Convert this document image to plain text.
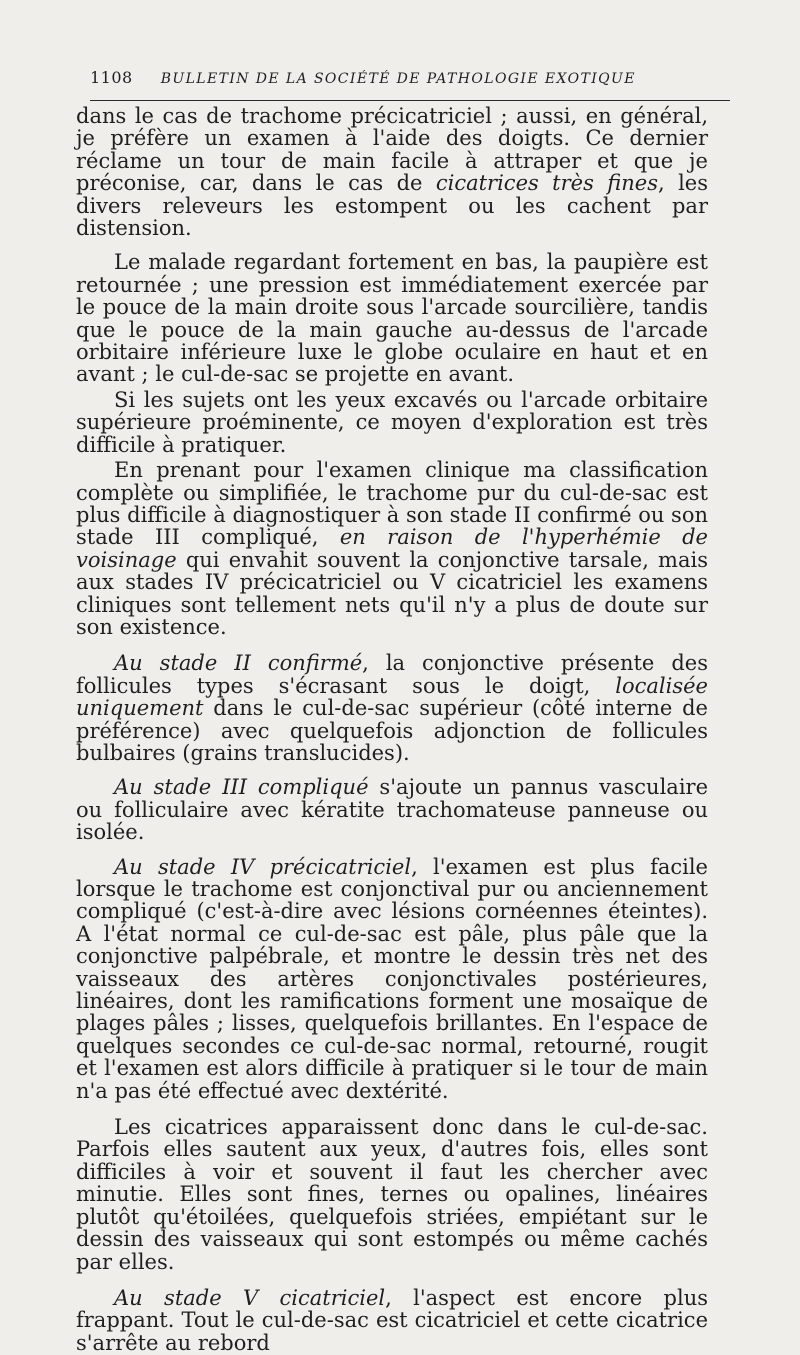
1108 BULLETIN DE LA SOCIÉTÉ DE PATHOLOGIE EXOTIQUE

dans le cas de trachome précicatriciel ; aussi, en général, je préfère un examen à l'aide des doigts. Ce dernier réclame un tour de main facile à attraper et que je préconise, car, dans le cas de cicatrices très fines, les divers releveurs les estompent ou les cachent par distension.

Le malade regardant fortement en bas, la paupière est retournée ; une pression est immédiatement exercée par le pouce de la main droite sous l'arcade sourcilière, tandis que le pouce de la main gauche au-dessus de l'arcade orbitaire inférieure luxe le globe oculaire en haut et en avant ; le cul-de-sac se projette en avant.

Si les sujets ont les yeux excavés ou l'arcade orbitaire supérieure proéminente, ce moyen d'exploration est très difficile à pratiquer.

En prenant pour l'examen clinique ma classification complète ou simplifiée, le trachome pur du cul-de-sac est plus difficile à diagnostiquer à son stade II confirmé ou son stade III compliqué, en raison de l'hyperhémie de voisinage qui envahit souvent la conjonctive tarsale, mais aux stades IV précicatriciel ou V cicatriciel les examens cliniques sont tellement nets qu'il n'y a plus de doute sur son existence.

Au stade II confirmé, la conjonctive présente des follicules types s'écrasant sous le doigt, localisée uniquement dans le cul-de-sac supérieur (côté interne de préférence) avec quelquefois adjonction de follicules bulbaires (grains translucides).

Au stade III compliqué s'ajoute un pannus vasculaire ou folliculaire avec kératite trachomateuse panneuse ou isolée.

Au stade IV précicatriciel, l'examen est plus facile lorsque le trachome est conjonctival pur ou anciennement compliqué (c'est-à-dire avec lésions cornéennes éteintes). A l'état normal ce cul-de-sac est pâle, plus pâle que la conjonctive palpébrale, et montre le dessin très net des vaisseaux des artères conjonctivales postérieures, linéaires, dont les ramifications forment une mosaïque de plages pâles ; lisses, quelquefois brillantes. En l'espace de quelques secondes ce cul-de-sac normal, retourné, rougit et l'examen est alors difficile à pratiquer si le tour de main n'a pas été effectué avec dextérité.

Les cicatrices apparaissent donc dans le cul-de-sac. Parfois elles sautent aux yeux, d'autres fois, elles sont difficiles à voir et souvent il faut les chercher avec minutie. Elles sont fines, ternes ou opalines, linéaires plutôt qu'étoilées, quelquefois striées, empiétant sur le dessin des vaisseaux qui sont estompés ou même cachés par elles.

Au stade V cicatriciel, l'aspect est encore plus frappant. Tout le cul-de-sac est cicatriciel et cette cicatrice s'arrête au rebord
